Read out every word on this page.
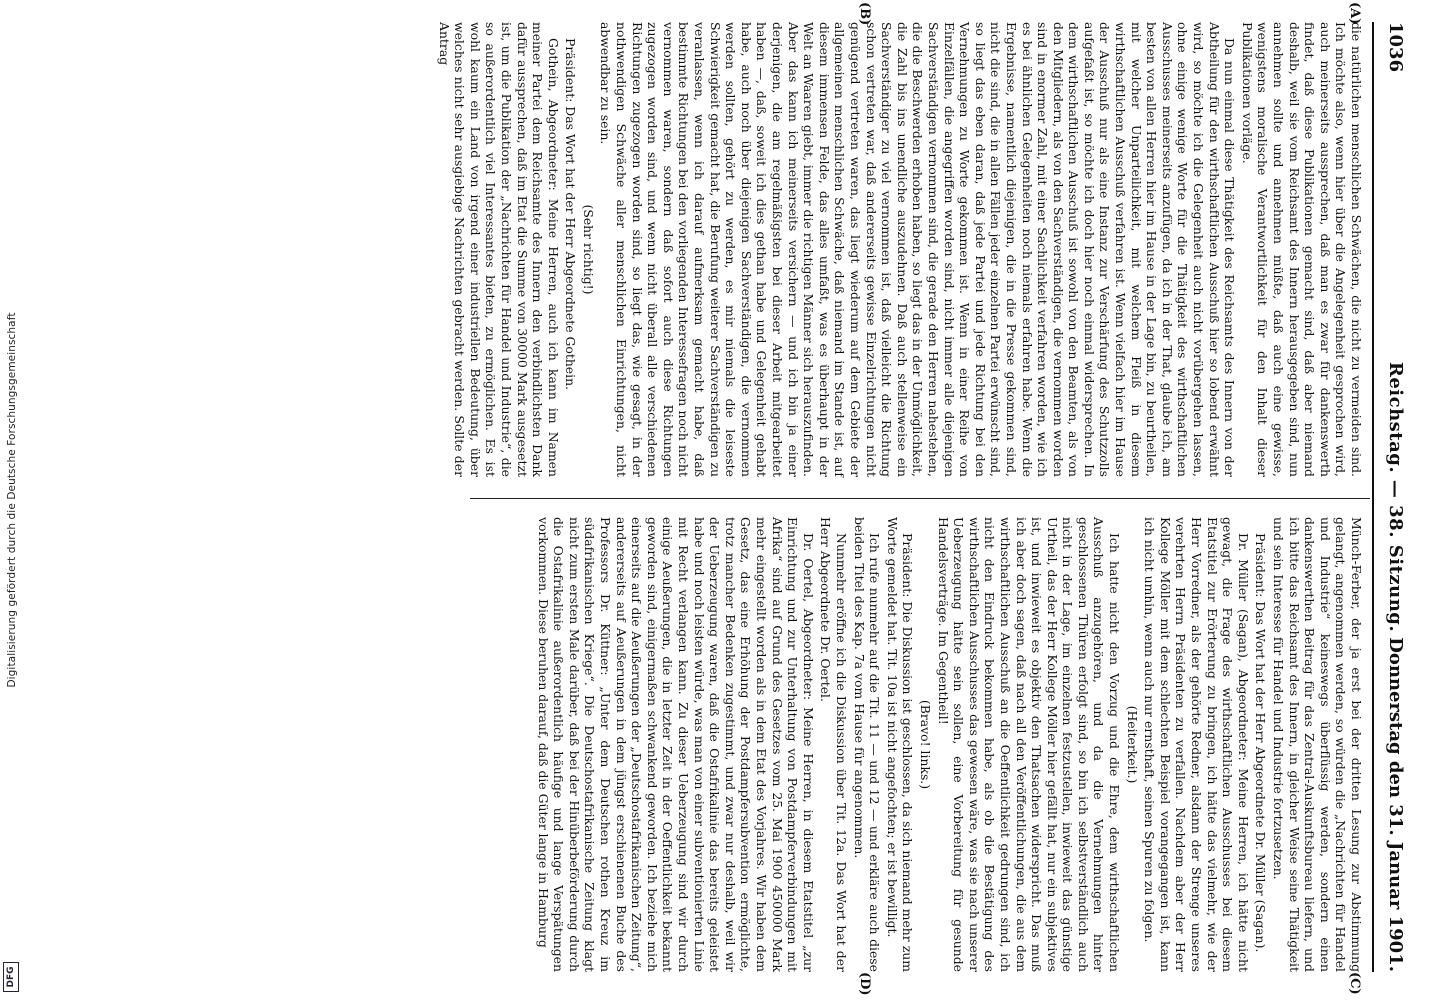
Digitalisierung gefördert durch die Deutsche Forschungsgemeinschaft
DFG
1036
Reichstag. — 38. Sitzung.
Donnerstag den 31. Januar 1901.
(A)
(B)
(C)
(D)

die natürlichen menschlichen Schwächen, die nicht zu vermeiden sind. Ich möchte also, wenn hier über die Angelegenheit gesprochen wird, auch meinerseits aussprechen, daß man es zwar für dankenswerth findet, daß diese Publikationen gemacht sind, daß aber niemand deshalb, weil sie vom Reichsamt des Innern herausgegeben sind, nun annehmen sollte und annehmen müßte, daß auch eine gewisse, wenigstens moralische Verantwortlichkeit für den Inhalt dieser Publikationen vorläge.

Da nun einmal diese Thätigkeit des Reichsamts des Innern von der Abtheilung für den wirthschaftlichen Ausschuß hier so lobend erwähnt wird, so möchte ich die Gelegenheit auch nicht vorübergehen lassen, ohne einige wenige Worte für die Thätigkeit des wirthschaftlichen Ausschusses meinerseits anzufügen, da ich in der That, glaube ich, am besten von allen Herren hier im Hause in der Lage bin, zu beurtheilen, mit welcher Unparteilichkeit, mit welchem Fleiß in diesem wirthschaftlichen Ausschuß verfahren ist. Wenn vielfach hier im Hause der Ausschuß nur als eine Instanz zur Verschärfung des Schutzzolls aufgefaßt ist, so möchte ich doch hier noch einmal widersprechen. In dem wirthschaftlichen Ausschuß ist sowohl von den Beamten, als von den Mitgliedern, als von den Sachverständigen, die vernommen worden sind in enormer Zahl, mit einer Sachlichkeit verfahren worden, wie ich es bei ähnlichen Gelegenheiten noch niemals erfahren habe. Wenn die Ergebnisse, namentlich diejenigen, die in die Presse gekommen sind, nicht die sind, die in allen Fällen jeder einzelnen Partei erwünscht sind, so liegt das eben daran, daß jede Partei und jede Richtung bei den Vernehmungen zu Worte gekommen ist. Wenn in einer Reihe von Einzelfällen, die angegriffen worden sind, nicht immer alle diejenigen Sachverständigen vernommen sind, die gerade den Herren nahestehen, die die Beschwerden erhoben haben, so liegt das in der Unmöglichkeit, die Zahl bis ins unendliche auszudehnen. Daß auch stellenweise ein Sachverständiger zu viel vernommen ist, daß vielleicht die Richtung schon vertreten war, daß andererseits gewisse Einzelrichtungen nicht genügend vertreten waren, das liegt wiederum auf dem Gebiete der allgemeinen menschlichen Schwäche, daß niemand im Stande ist, auf diesem immensen Felde, das alles umfaßt, was es überhaupt in der Welt an Waaren giebt, immer die richtigen Männer sich herauszufinden. Aber das kann ich meinerseits versichern — und ich bin ja einer derjenigen, die am regelmäßigsten bei dieser Arbeit mitgearbeitet haben —, daß, soweit ich dies gethan habe und Gelegenheit gehabt habe, auch noch über diejenigen Sachverständigen, die vernommen werden sollten, gehört zu werden, es mir niemals die leiseste Schwierigkeit gemacht hat, die Berufung weiterer Sachverständigen zu veranlassen, wenn ich darauf aufmerksam gemacht habe, daß bestimmte Richtungen bei den vorliegenden Interessefragen noch nicht vernommen waren, sondern daß sofort auch diese Richtungen zugezogen worden sind, und wenn nicht überall alle verschiedenen Richtungen zugezogen worden sind, so liegt das, wie gesagt, in der nothwendigen Schwäche aller menschlichen Einrichtungen, nicht abwendbar zu sein.

(Sehr richtig!)

Präsident: Das Wort hat der Herr Abgeordnete Gothein.

Gothein, Abgeordneter: Meine Herren, auch ich kann im Namen meiner Partei dem Reichsamte des Innern den verbindlichsten Dank dafür aussprechen, daß im Etat die Summe von 30000 Mark ausgesetzt ist, um die Publikation der „Nachrichten für Handel und Industrie“, die so außerordentlich viel Interessantes bieten, zu ermöglichen. Es ist wohl kaum ein Land von irgend einer industriellen Bedeutung, über welches nicht sehr ausgiebige Nachrichten gebracht werden. Sollte der Antrag

Münch-Ferber, der ja erst bei der dritten Lesung zur Abstimmung gelangt, angenommen werden, so würden die „Nachrichten für Handel und Industrie“ keineswegs überflüssig werden, sondern einen dankenswerthen Beitrag für das Zentral-Auskunftsbureau liefern, und ich bitte das Reichsamt des Innern, in gleicher Weise seine Thätigkeit und sein Interesse für Handel und Industrie fortzusetzen.

Präsident: Das Wort hat der Herr Abgeordnete Dr. Müller (Sagan).

Dr. Müller (Sagan), Abgeordneter: Meine Herren, ich hätte nicht gewagt, die Frage des wirthschaftlichen Ausschusses bei diesem Etatstitel zur Erörterung zu bringen, ich hätte das vielmehr, wie der Herr Vorredner, als der gehörte Redner, alsdann der Strenge unseres verehrten Herrn Präsidenten zu verfallen. Nachdem aber der Herr Kollege Möller mit dem schlechten Beispiel vorangegangen ist, kann ich nicht umhin, wenn auch nur ernsthaft, seinen Spuren zu folgen.

(Heiterkeit.)

Ich hatte nicht den Vorzug und die Ehre, dem wirthschaftlichen Ausschuß anzugehören, und da die Vernehmungen hinter geschlossenen Thüren erfolgt sind, so bin ich selbstverständlich auch nicht in der Lage, im einzelnen festzustellen, inwieweit das günstige Urtheil, das der Herr Kollege Möller hier gefällt hat, nur ein subjektives ist, und inwieweit es objektiv den Thatsachen widerspricht. Das muß ich aber doch sagen, daß nach all den Veröffentlichungen, die aus dem wirthschaftlichen Ausschuß an die Oeffentlichkeit gedrungen sind, ich nicht den Eindruck bekommen habe, als ob die Bestätigung des wirthschaftlichen Ausschusses das gewesen wäre, was sie nach unserer Ueberzeugung hätte sein sollen, eine Vorbereitung für gesunde Handelsverträge. Im Gegentheil!

(Bravo! links.)

Präsident: Die Diskussion ist geschlossen, da sich niemand mehr zum Worte gemeldet hat. Tit. 10a ist nicht angefochten; er ist bewilligt.

Ich rufe nunmehr auf die Tit. 11 — und 12 — und erkläre auch diese beiden Titel des Kap. 7a vom Hause für angenommen.

Nunmehr eröffne ich die Diskussion über Tit. 12a. Das Wort hat der Herr Abgeordnete Dr. Oertel.

Dr. Oertel, Abgeordneter: Meine Herren, in diesem Etatstitel „zur Einrichtung und zur Unterhaltung von Postdampferverbindungen mit Afrika“ sind auf Grund des Gesetzes vom 25. Mai 1900 450000 Mark mehr eingestellt worden als in dem Etat des Vorjahres. Wir haben dem Gesetz, das eine Erhöhung der Postdampfersubvention ermöglichte, trotz mancher Bedenken zugestimmt, und zwar nur deshalb, weil wir der Ueberzeugung waren, daß die Ostafrikalinie das bereits geleistet habe und noch leisten würde, was man von einer subventionierten Linie mit Recht verlangen kann. Zu dieser Ueberzeugung sind wir durch einige Aeußerungen, die in letzter Zeit in der Oeffentlichkeit bekannt geworden sind, einigermaßen schwankend geworden. Ich beziehe mich einerseits auf die Aeußerungen der „Deutschostafrikanischen Zeitung“, andererseits auf Aeußerungen in dem jüngst erschienenen Buche des Professors Dr. Küttner: „Unter dem Deutschen rothen Kreuz im südafrikanischen Kriege“. Die Deutschostafrikanische Zeitung klagt nicht zum ersten Male darüber, daß bei der Hinüberbeförderung durch die Ostafrikalinie außerordentlich häufige und lange Verspätungen vorkommen. Diese beruhen darauf, daß die Güter lange in Hamburg
